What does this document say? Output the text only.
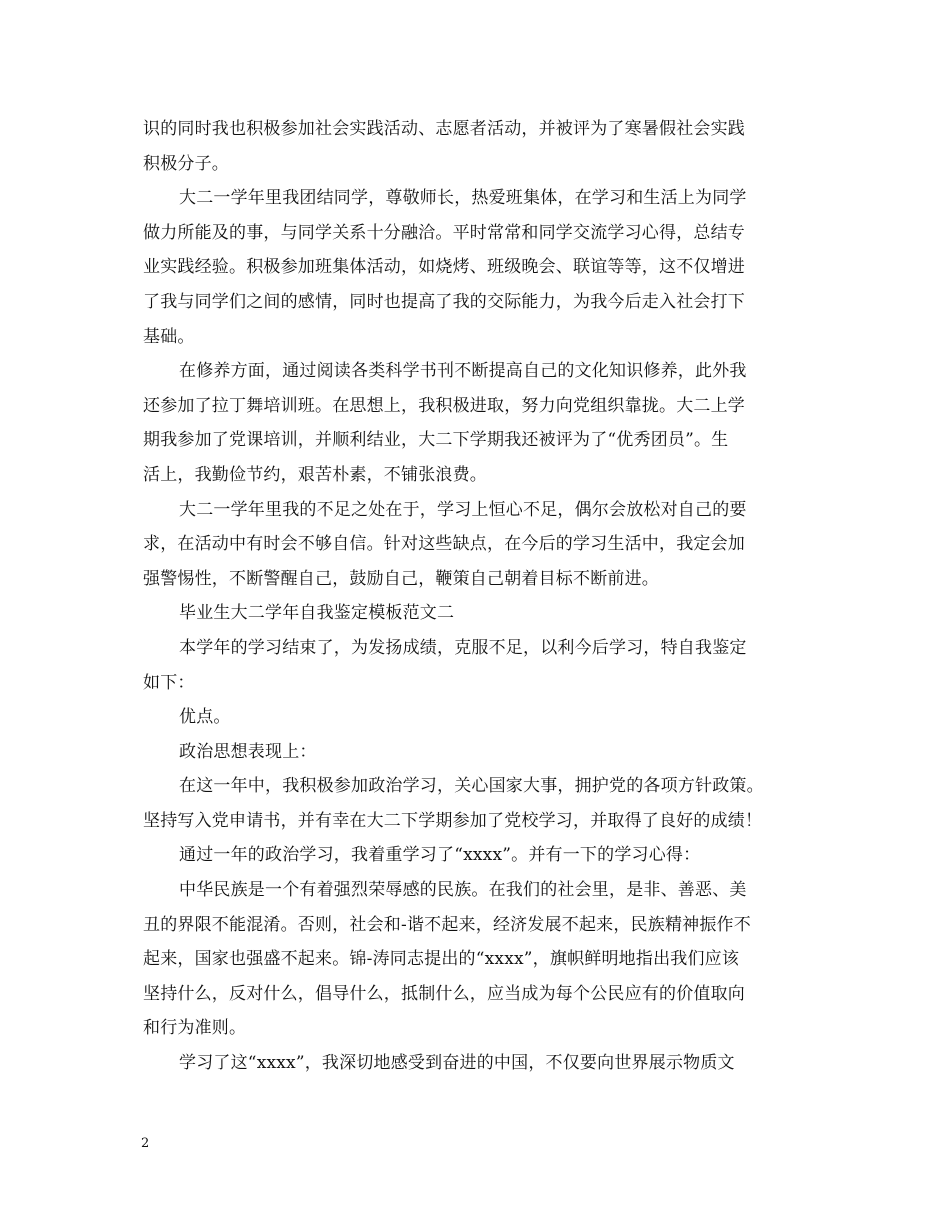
识的同时我也积极参加社会实践活动、志愿者活动，并被评为了寒暑假社会实践
积极分子。
大二一学年里我团结同学，尊敬师长，热爱班集体，在学习和生活上为同学
做力所能及的事，与同学关系十分融洽。平时常常和同学交流学习心得，总结专
业实践经验。积极参加班集体活动，如烧烤、班级晚会、联谊等等，这不仅增进
了我与同学们之间的感情，同时也提高了我的交际能力，为我今后走入社会打下
基础。
在修养方面，通过阅读各类科学书刊不断提高自己的文化知识修养，此外我
还参加了拉丁舞培训班。在思想上，我积极进取，努力向党组织靠拢。大二上学
期我参加了党课培训，并顺利结业，大二下学期我还被评为了“优秀团员”。生
活上，我勤俭节约，艰苦朴素，不铺张浪费。
大二一学年里我的不足之处在于，学习上恒心不足，偶尔会放松对自己的要
求，在活动中有时会不够自信。针对这些缺点，在今后的学习生活中，我定会加
强警惕性，不断警醒自己，鼓励自己，鞭策自己朝着目标不断前进。
毕业生大二学年自我鉴定模板范文二
本学年的学习结束了，为发扬成绩，克服不足，以利今后学习，特自我鉴定
如下：
优点。
政治思想表现上：
在这一年中，我积极参加政治学习，关心国家大事，拥护党的各项方针政策。
坚持写入党申请书，并有幸在大二下学期参加了党校学习，并取得了良好的成绩！
通过一年的政治学习，我着重学习了“xxxx”。并有一下的学习心得：
中华民族是一个有着强烈荣辱感的民族。在我们的社会里，是非、善恶、美
丑的界限不能混淆。否则，社会和-谐不起来，经济发展不起来，民族精神振作不
起来，国家也强盛不起来。锦-涛同志提出的“xxxx”，旗帜鲜明地指出我们应该
坚持什么，反对什么，倡导什么，抵制什么，应当成为每个公民应有的价值取向
和行为准则。
学习了这“xxxx”，我深切地感受到奋进的中国，不仅要向世界展示物质文
2
